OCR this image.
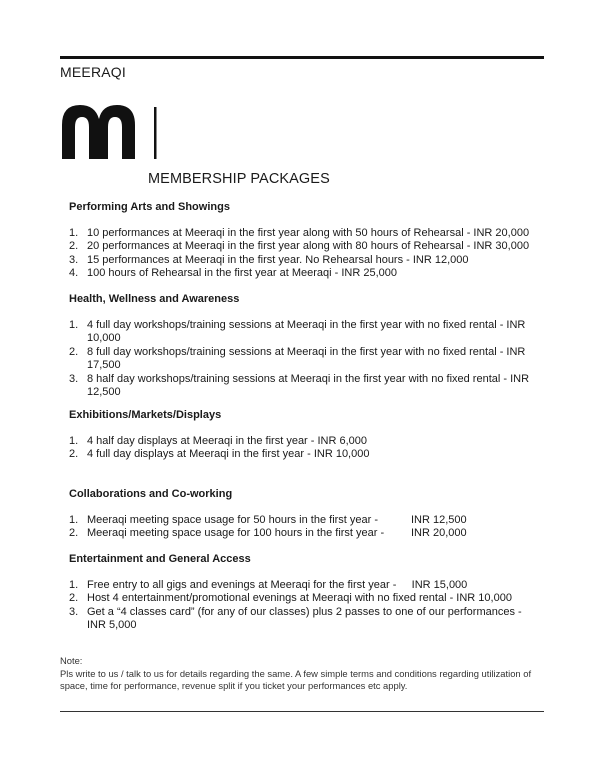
MEERAQI
MEMBERSHIP PACKAGES

Performing Arts and Showings

1. 10 performances at Meeraqi in the first year along with 50 hours of Rehearsal - INR 20,000
2. 20 performances at Meeraqi in the first year along with 80 hours of Rehearsal - INR 30,000
3. 15 performances at Meeraqi in the first year. No Rehearsal hours - INR 12,000
4. 100 hours of Rehearsal in the first year at Meeraqi - INR 25,000

Health, Wellness and Awareness

1. 4 full day workshops/training sessions at Meeraqi in the first year with no fixed rental - INR 10,000
2. 8 full day workshops/training sessions at Meeraqi in the first year with no fixed rental - INR 17,500
3. 8 half day workshops/training sessions at Meeraqi in the first year with no fixed rental - INR 12,500

Exhibitions/Markets/Displays

1. 4 half day displays at Meeraqi in the first year - INR 6,000
2. 4 full day displays at Meeraqi in the first year - INR 10,000

Collaborations and Co-working

1. Meeraqi meeting space usage for 50 hours in the first year -	INR 12,500
2. Meeraqi meeting space usage for 100 hours in the first year - INR 20,000

Entertainment and General Access

1. Free entry to all gigs and evenings at Meeraqi for the first year -     INR 15,000
2. Host 4 entertainment/promotional evenings at Meeraqi with no fixed rental - INR 10,000
3. Get a “4 classes card” (for any of our classes) plus 2 passes to one of our performances - INR 5,000
Note:
Pls write to us / talk to us for details regarding the same. A few simple terms and conditions regarding utilization of space, time for performance, revenue split if you ticket your performances etc apply.
